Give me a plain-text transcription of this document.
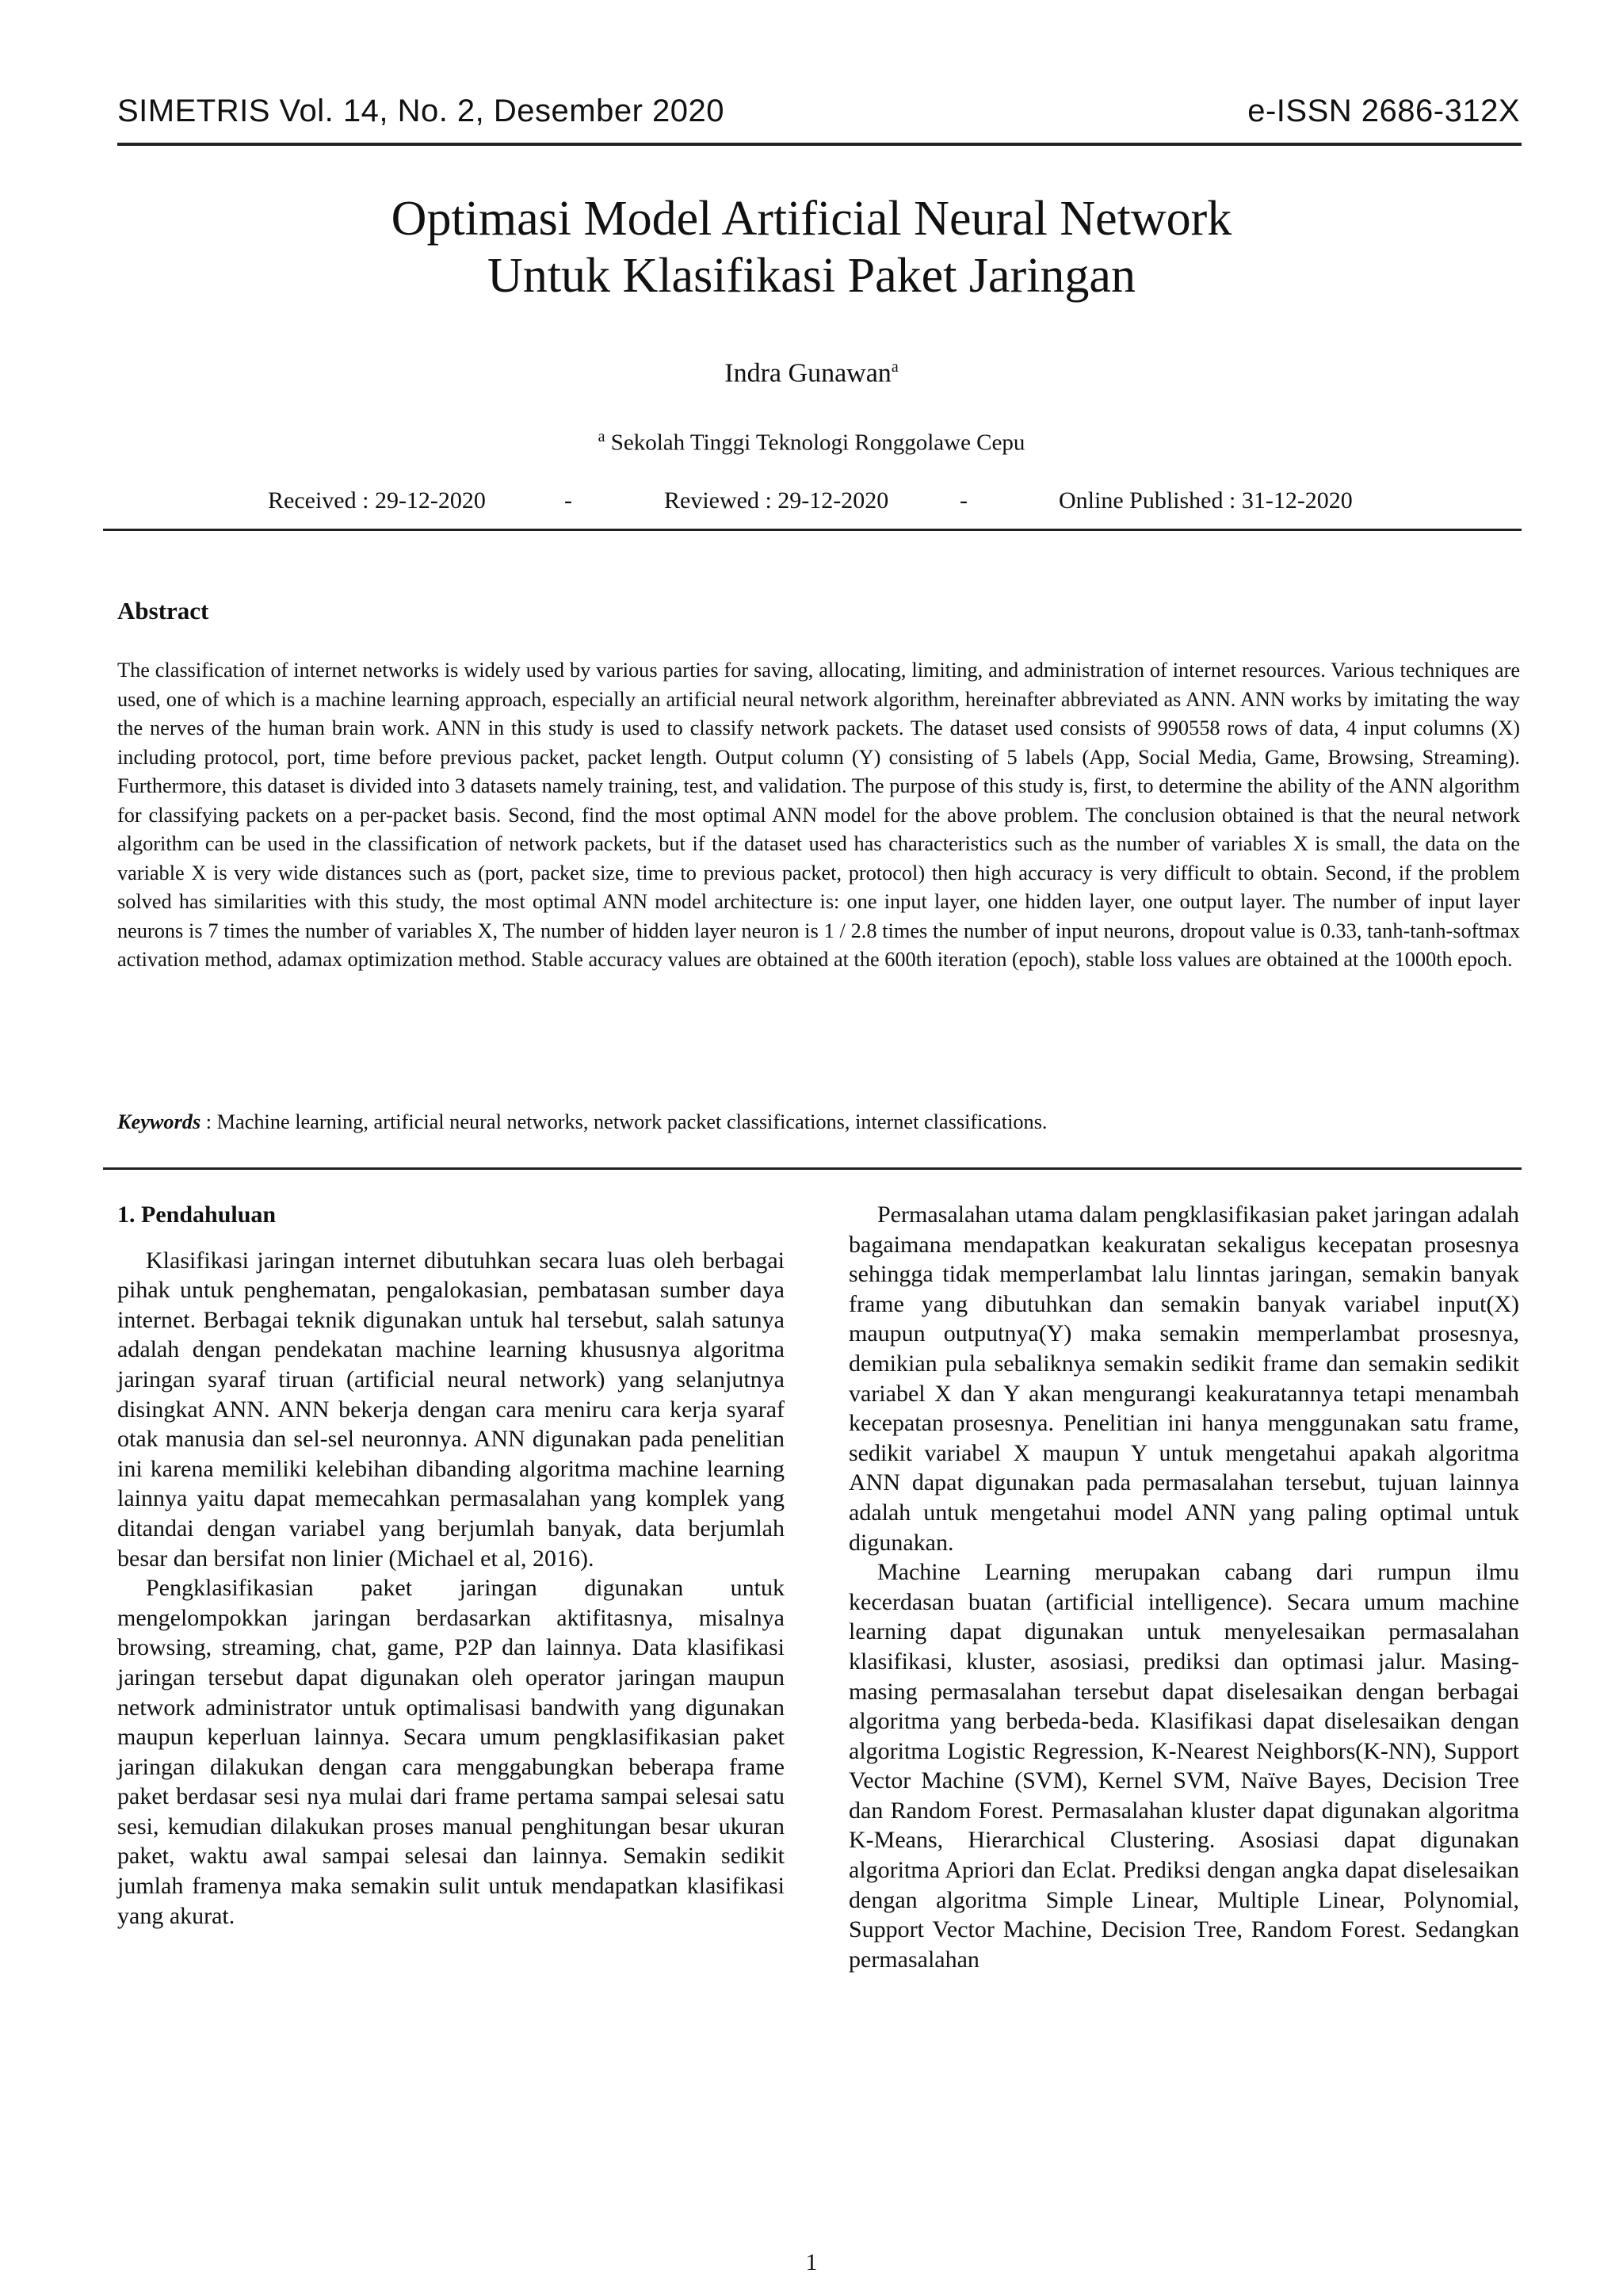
SIMETRIS Vol. 14, No. 2, Desember 2020	e-ISSN 2686-312X
Optimasi Model Artificial Neural Network
Untuk Klasifikasi Paket Jaringan
Indra Gunawan$^a$
$^a$ Sekolah Tinggi Teknologi Ronggolawe Cepu
Received : 29-12-2020	-	Reviewed : 29-12-2020	-	Online Published : 31-12-2020
Abstract
The classification of internet networks is widely used by various parties for saving, allocating, limiting, and administration of internet resources. Various techniques are used, one of which is a machine learning approach, especially an artificial neural network algorithm, hereinafter abbreviated as ANN. ANN works by imitating the way the nerves of the human brain work. ANN in this study is used to classify network packets. The dataset used consists of 990558 rows of data, 4 input columns (X) including protocol, port, time before previous packet, packet length. Output column (Y) consisting of 5 labels (App, Social Media, Game, Browsing, Streaming). Furthermore, this dataset is divided into 3 datasets namely training, test, and validation. The purpose of this study is, first, to determine the ability of the ANN algorithm for classifying packets on a per-packet basis. Second, find the most optimal ANN model for the above problem. The conclusion obtained is that the neural network algorithm can be used in the classification of network packets, but if the dataset used has characteristics such as the number of variables X is small, the data on the variable X is very wide distances such as (port, packet size, time to previous packet, protocol) then high accuracy is very difficult to obtain. Second, if the problem solved has similarities with this study, the most optimal ANN model architecture is: one input layer, one hidden layer, one output layer. The number of input layer neurons is 7 times the number of variables X, The number of hidden layer neuron is 1 / 2.8 times the number of input neurons, dropout value is 0.33, tanh-tanh-softmax activation method, adamax optimization method. Stable accuracy values are obtained at the 600th iteration (epoch), stable loss values are obtained at the 1000th epoch.
Keywords : Machine learning, artificial neural networks, network packet classifications, internet classifications.
1. Pendahuluan

Klasifikasi jaringan internet dibutuhkan secara luas oleh berbagai pihak untuk penghematan, pengalokasian, pembatasan sumber daya internet. Berbagai teknik digunakan untuk hal tersebut, salah satunya adalah dengan pendekatan machine learning khususnya algoritma jaringan syaraf tiruan (artificial neural network) yang selanjutnya disingkat ANN. ANN bekerja dengan cara meniru cara kerja syaraf otak manusia dan sel-sel neuronnya. ANN digunakan pada penelitian ini karena memiliki kelebihan dibanding algoritma machine learning lainnya yaitu dapat memecahkan permasalahan yang komplek yang ditandai dengan variabel yang berjumlah banyak, data berjumlah besar dan bersifat non linier (Michael et al, 2016).

Pengklasifikasian paket jaringan digunakan untuk mengelompokkan jaringan berdasarkan aktifitasnya, misalnya browsing, streaming, chat, game, P2P dan lainnya. Data klasifikasi jaringan tersebut dapat digunakan oleh operator jaringan maupun network administrator untuk optimalisasi bandwith yang digunakan maupun keperluan lainnya. Secara umum pengklasifikasian paket jaringan dilakukan dengan cara menggabungkan beberapa frame paket berdasar sesi nya mulai dari frame pertama sampai selesai satu sesi, kemudian dilakukan proses manual penghitungan besar ukuran paket, waktu awal sampai selesai dan lainnya. Semakin sedikit jumlah framenya maka semakin sulit untuk mendapatkan klasifikasi yang akurat.

Permasalahan utama dalam pengklasifikasian paket jaringan adalah bagaimana mendapatkan keakuratan sekaligus kecepatan prosesnya sehingga tidak memperlambat lalu linntas jaringan, semakin banyak frame yang dibutuhkan dan semakin banyak variabel input(X) maupun outputnya(Y) maka semakin memperlambat prosesnya, demikian pula sebaliknya semakin sedikit frame dan semakin sedikit variabel X dan Y akan mengurangi keakuratannya tetapi menambah kecepatan prosesnya. Penelitian ini hanya menggunakan satu frame, sedikit variabel X maupun Y untuk mengetahui apakah algoritma ANN dapat digunakan pada permasalahan tersebut, tujuan lainnya adalah untuk mengetahui model ANN yang paling optimal untuk digunakan.

Machine Learning merupakan cabang dari rumpun ilmu kecerdasan buatan (artificial intelligence). Secara umum machine learning dapat digunakan untuk menyelesaikan permasalahan klasifikasi, kluster, asosiasi, prediksi dan optimasi jalur. Masing-masing permasalahan tersebut dapat diselesaikan dengan berbagai algoritma yang berbeda-beda. Klasifikasi dapat diselesaikan dengan algoritma Logistic Regression, K-Nearest Neighbors(K-NN), Support Vector Machine (SVM), Kernel SVM, Naïve Bayes, Decision Tree dan Random Forest. Permasalahan kluster dapat digunakan algoritma K-Means, Hierarchical Clustering. Asosiasi dapat digunakan algoritma Apriori dan Eclat. Prediksi dengan angka dapat diselesaikan dengan algoritma Simple Linear, Multiple Linear, Polynomial, Support Vector Machine, Decision Tree, Random Forest. Sedangkan permasalahan

1
